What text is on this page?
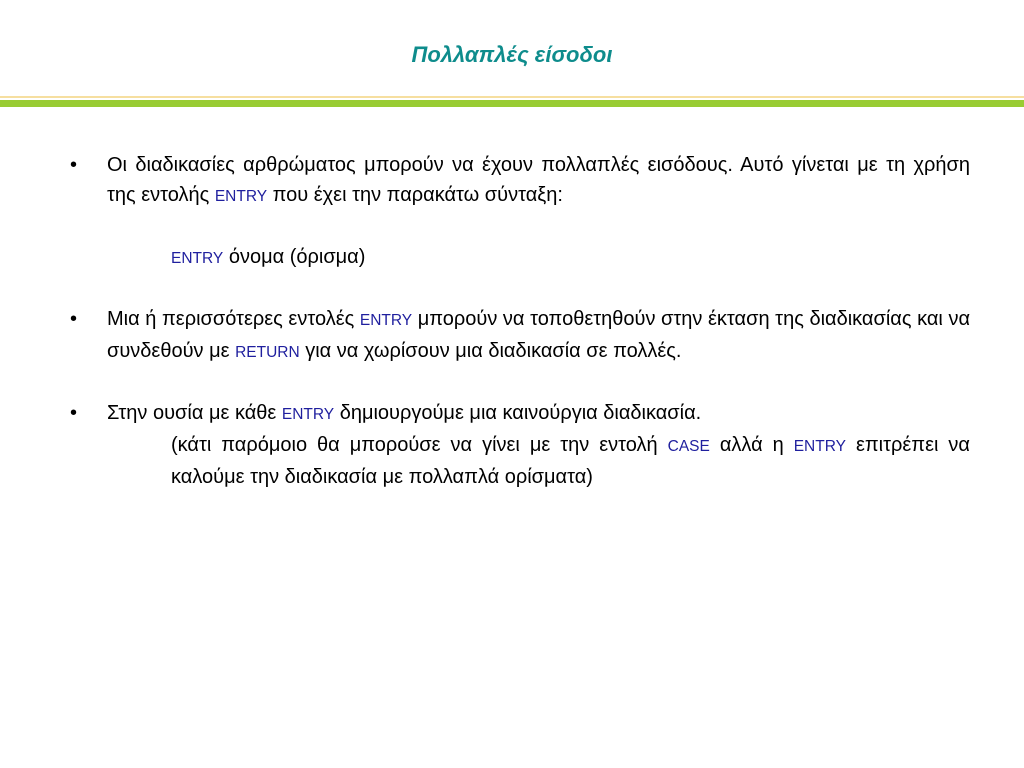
Πολλαπλές είσοδοι
• Οι διαδικασίες αρθρώματος μπορούν να έχουν πολλαπλές εισόδους. Αυτό γίνεται με τη χρήση της εντολής ENTRY που έχει την παρακάτω σύνταξη:
ENTRY όνομα (όρισμα)
• Μια ή περισσότερες εντολές ENTRY μπορούν να τοποθετηθούν στην έκταση της διαδικασίας και να συνδεθούν με RETURN για να χωρίσουν μια διαδικασία σε πολλές.
• Στην ουσία με κάθε ENTRY δημιουργούμε μια καινούργια διαδικασία.
(κάτι παρόμοιο θα μπορούσε να γίνει με την εντολή CASE αλλά η ENTRY επιτρέπει να καλούμε την διαδικασία με πολλαπλά ορίσματα)
